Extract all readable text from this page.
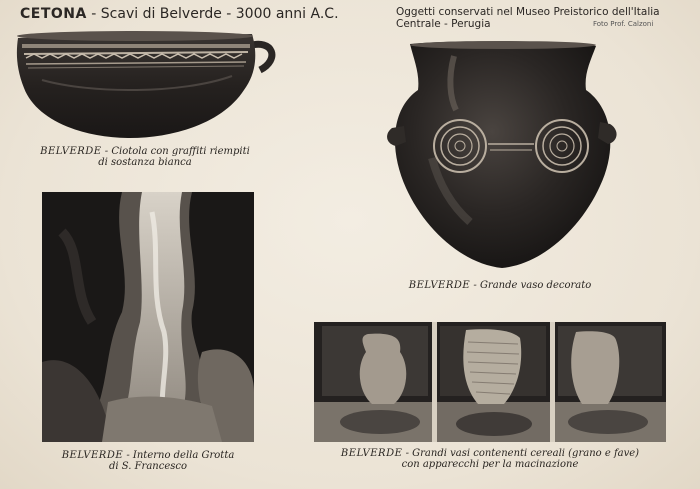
CETONA - Scavi di Belverde - 3000 anni A.C.	Oggetti conservati nel Museo Preistorico dell'Italia
Centrale - Perugia	Foto Prof. Calzoni
BELVERDE - Ciotola con graffiti riempiti
di sostanza bianca
BELVERDE - Grande vaso decorato
BELVERDE - Interno della Grotta
di S. Francesco
BELVERDE - Grandi vasi contenenti cereali (grano e fave)
con apparecchi per la macinazione
